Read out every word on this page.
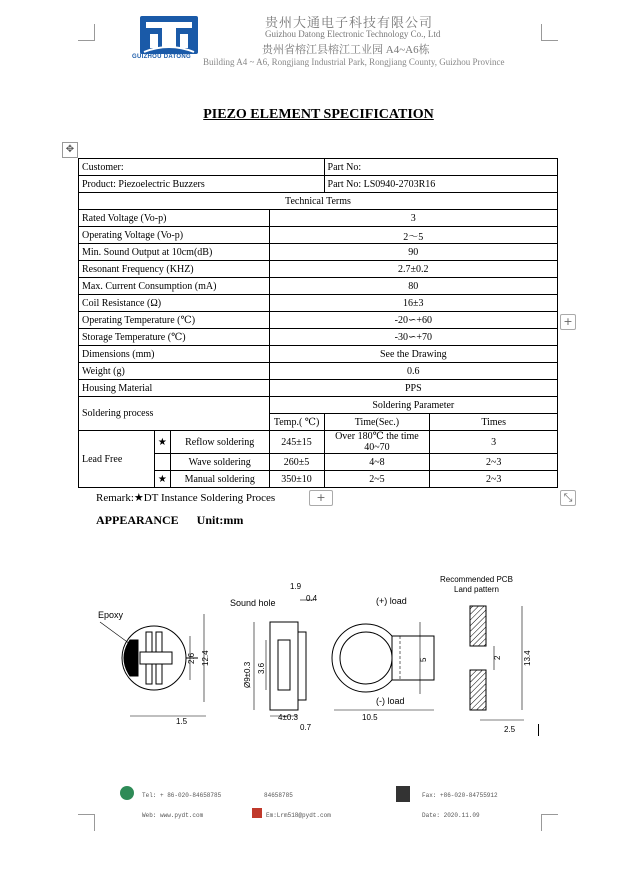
GUIZHOU DATONG
贵州大通电子科技有限公司
Guizhou Datong Electronic Technology Co., Ltd
贵州省榕江县榕江工业园 A4~A6栋
Building A4 ~ A6, Rongjiang Industrial Park, Rongjiang County, Guizhou Province
PIEZO ELEMENT SPECIFICATION
✥
Customer:				Part No:	
Product: Piezoelectric Buzzers				Part No: LS0940-2703R16	
Technical Terms					
Rated Voltage (Vo-p)			3		
Operating Voltage (Vo-p)			2～5		
Min. Sound Output at 10cm(dB)			90		
Resonant Frequency (KHZ)			2.7±0.2		
Max. Current Consumption (mA)			80		
Coil Resistance (Ω)			16±3		
Operating Temperature (℃)			-20∽+60		
Storage Temperature (℃)			-30∽+70		
Dimensions (mm)			See the Drawing		
Weight (g)			0.6		
Housing Material			PPS		
Soldering process			Soldering Parameter		
			Temp.( ℃)	Time(Sec.)	Times
Lead Free	★	Reflow soldering	245±15	Over 180℃ the time 40~70	3
		Wave soldering	260±5	4~8	2~3
	★	Manual soldering	350±10	2~5	2~3
+
+	⤡
Remark:★DT Instance Soldering Proces
APPEARANCE      Unit:mm
Epoxy
2.6 12.4
1.5
Sound hole
1.9
0.4
Ø9±0.3 3.6
0.7
4±0.3
(+) load
(-) load
5
10.5
Recommended PCB
Land pattern
2	13.4
2.5
Tel: + 86-020-84658785	84658785	Fax: +86-020-84755912
Web: www.pydt.com	Em:Lrm518@pydt.com	Date: 2020.11.09
